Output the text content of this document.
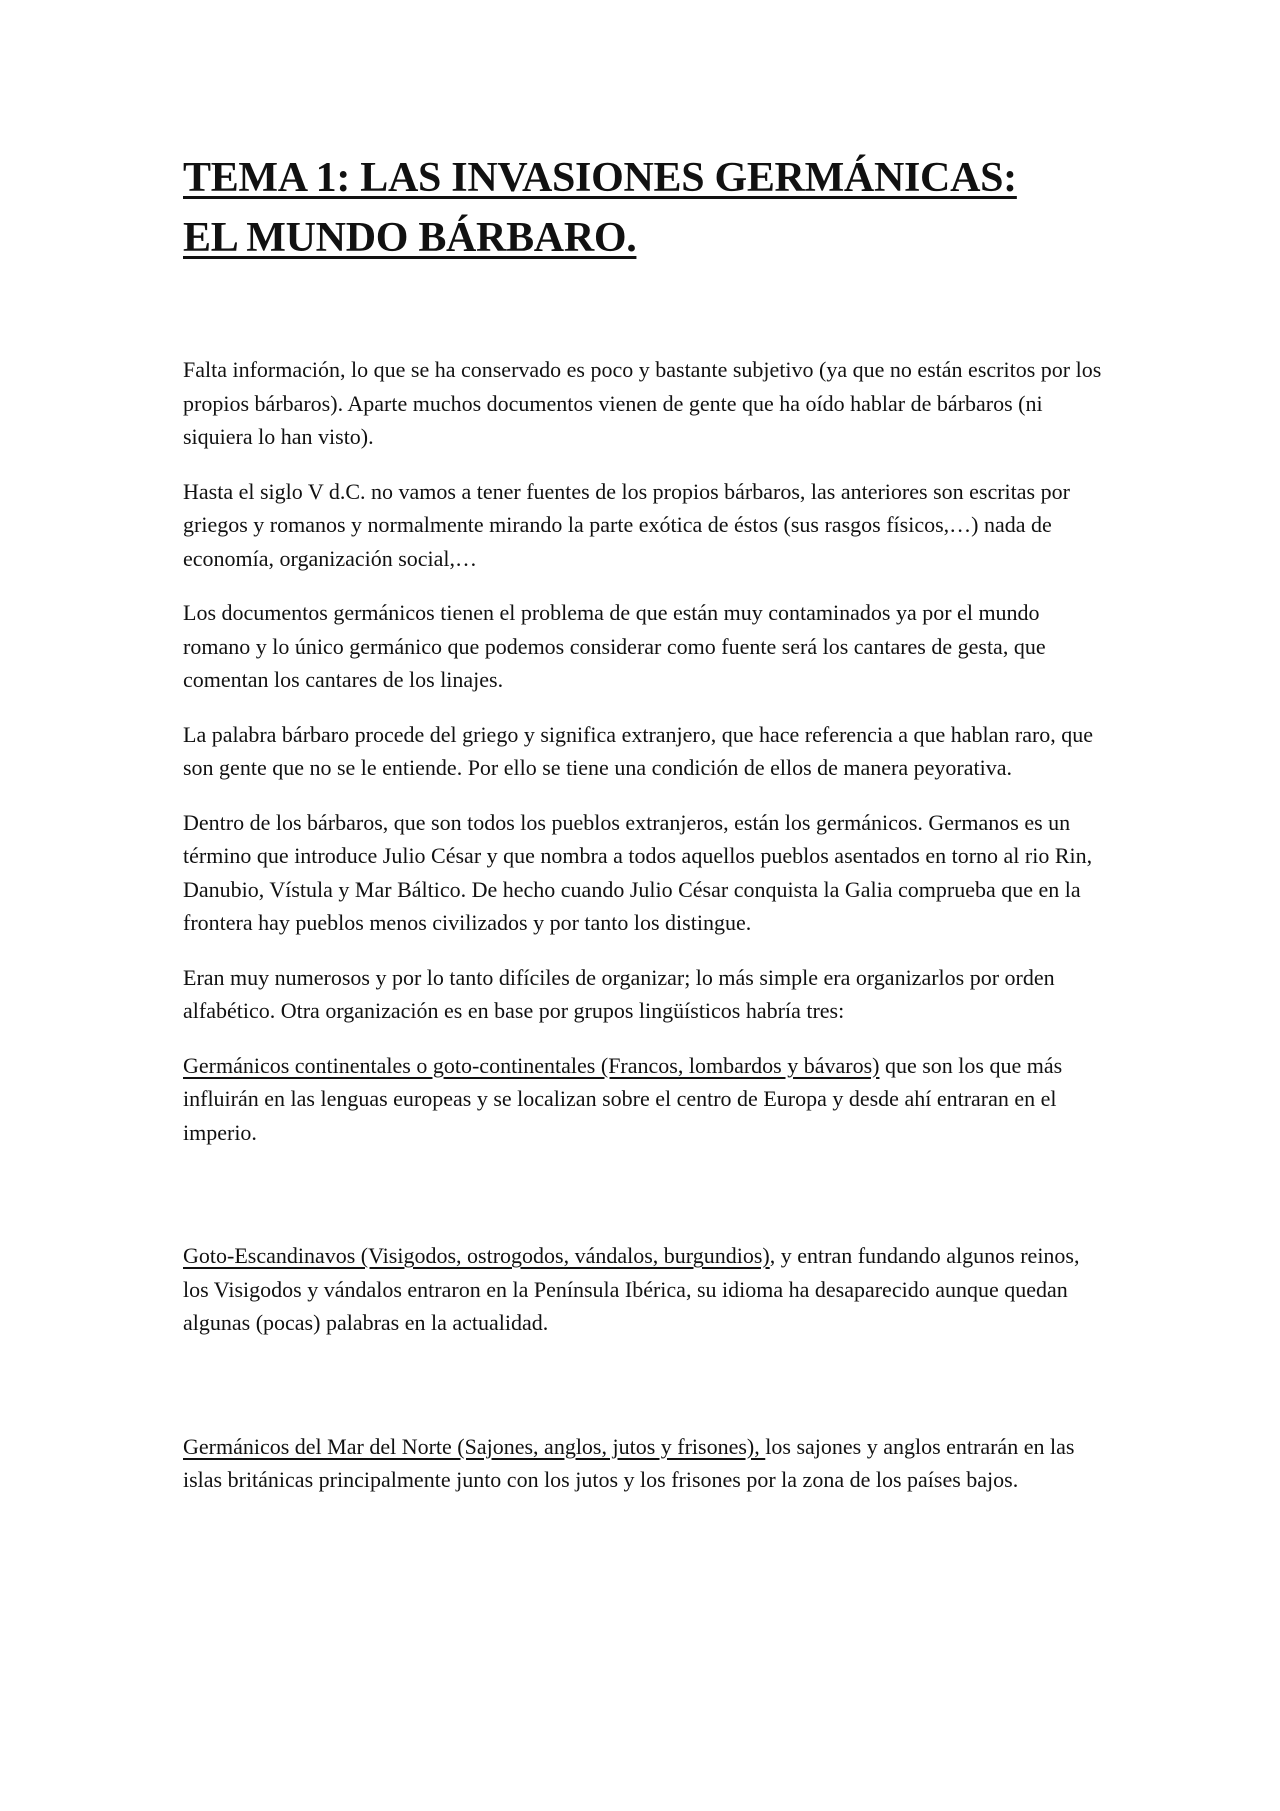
TEMA 1: LAS INVASIONES GERMÁNICAS:
EL MUNDO BÁRBARO.

Falta información, lo que se ha conservado es poco y bastante subjetivo (ya que no están escritos por los propios bárbaros). Aparte muchos documentos vienen de gente que ha oído hablar de bárbaros (ni siquiera lo han visto).

Hasta el siglo V d.C. no vamos a tener fuentes de los propios bárbaros, las anteriores son escritas por griegos y romanos y normalmente mirando la parte exótica de éstos (sus rasgos físicos,…) nada de economía, organización social,…

Los documentos germánicos tienen el problema de que están muy contaminados ya por el mundo romano y lo único germánico que podemos considerar como fuente será los cantares de gesta, que comentan los cantares de los linajes.

La palabra bárbaro procede del griego y significa extranjero, que hace referencia a que hablan raro, que son gente que no se le entiende. Por ello se tiene una condición de ellos de manera peyorativa.

Dentro de los bárbaros, que son todos los pueblos extranjeros, están los germánicos. Germanos es un término que introduce Julio César y que nombra a todos aquellos pueblos asentados en torno al rio Rin, Danubio, Vístula y Mar Báltico. De hecho cuando Julio César conquista la Galia comprueba que en la frontera hay pueblos menos civilizados y por tanto los distingue.

Eran muy numerosos y por lo tanto difíciles de organizar; lo más simple era organizarlos por orden alfabético. Otra organización es en base por grupos lingüísticos habría tres:

Germánicos continentales o goto-continentales (Francos, lombardos y bávaros) que son los que más influirán en las lenguas europeas y se localizan sobre el centro de Europa y desde ahí entraran en el imperio.

Goto-Escandinavos (Visigodos, ostrogodos, vándalos, burgundios), y entran fundando algunos reinos, los Visigodos y vándalos entraron en la Península Ibérica, su idioma ha desaparecido aunque quedan algunas (pocas) palabras en la actualidad.

Germánicos del Mar del Norte (Sajones, anglos, jutos y frisones), los sajones y anglos entrarán en las islas británicas principalmente junto con los jutos y los frisones por la zona de los países bajos.
